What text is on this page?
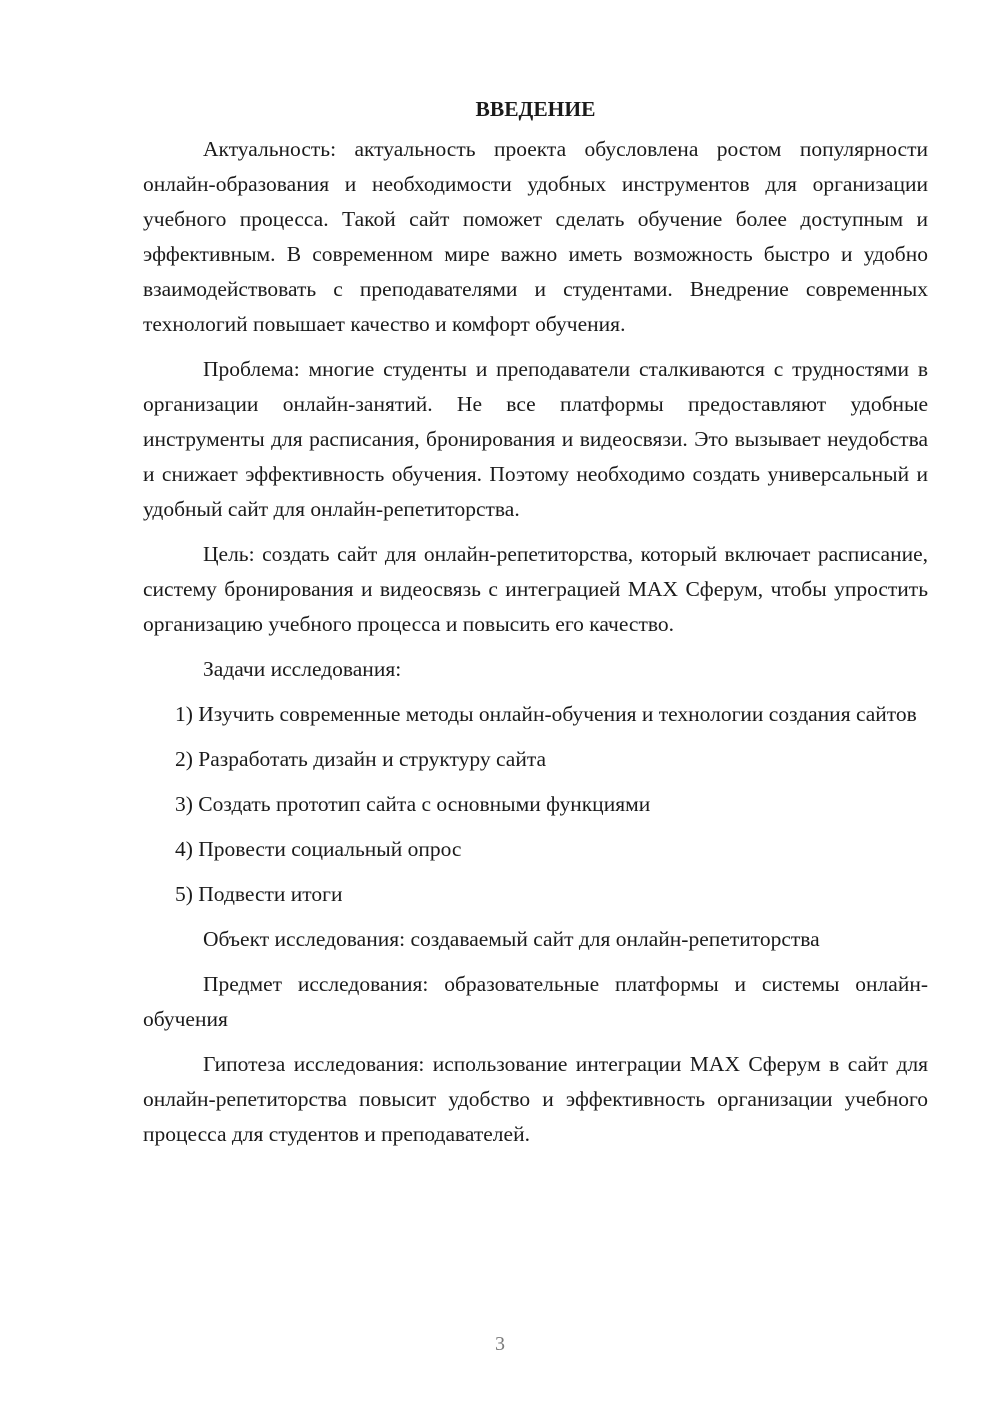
ВВЕДЕНИЕ

Актуальность: актуальность проекта обусловлена ростом популярности онлайн-образования и необходимости удобных инструментов для организации учебного процесса. Такой сайт поможет сделать обучение более доступным и эффективным. В современном мире важно иметь возможность быстро и удобно взаимодействовать с преподавателями и студентами. Внедрение современных технологий повышает качество и комфорт обучения.

Проблема: многие студенты и преподаватели сталкиваются с трудностями в организации онлайн-занятий. Не все платформы предоставляют удобные инструменты для расписания, бронирования и видеосвязи. Это вызывает неудобства и снижает эффективность обучения. Поэтому необходимо создать универсальный и удобный сайт для онлайн-репетиторства.

Цель: создать сайт для онлайн-репетиторства, который включает расписание, систему бронирования и видеосвязь с интеграцией МАХ Сферум, чтобы упростить организацию учебного процесса и повысить его качество.

Задачи исследования:

1) Изучить современные методы онлайн-обучения и технологии создания сайтов

2) Разработать дизайн и структуру сайта

3) Создать прототип сайта с основными функциями

4) Провести социальный опрос

5) Подвести итоги

Объект исследования: создаваемый сайт для онлайн-репетиторства

Предмет исследования: образовательные платформы и системы онлайн-обучения

Гипотеза исследования: использование интеграции МАХ Сферум в сайт для онлайн-репетиторства повысит удобство и эффективность организации учебного процесса для студентов и преподавателей.

3
